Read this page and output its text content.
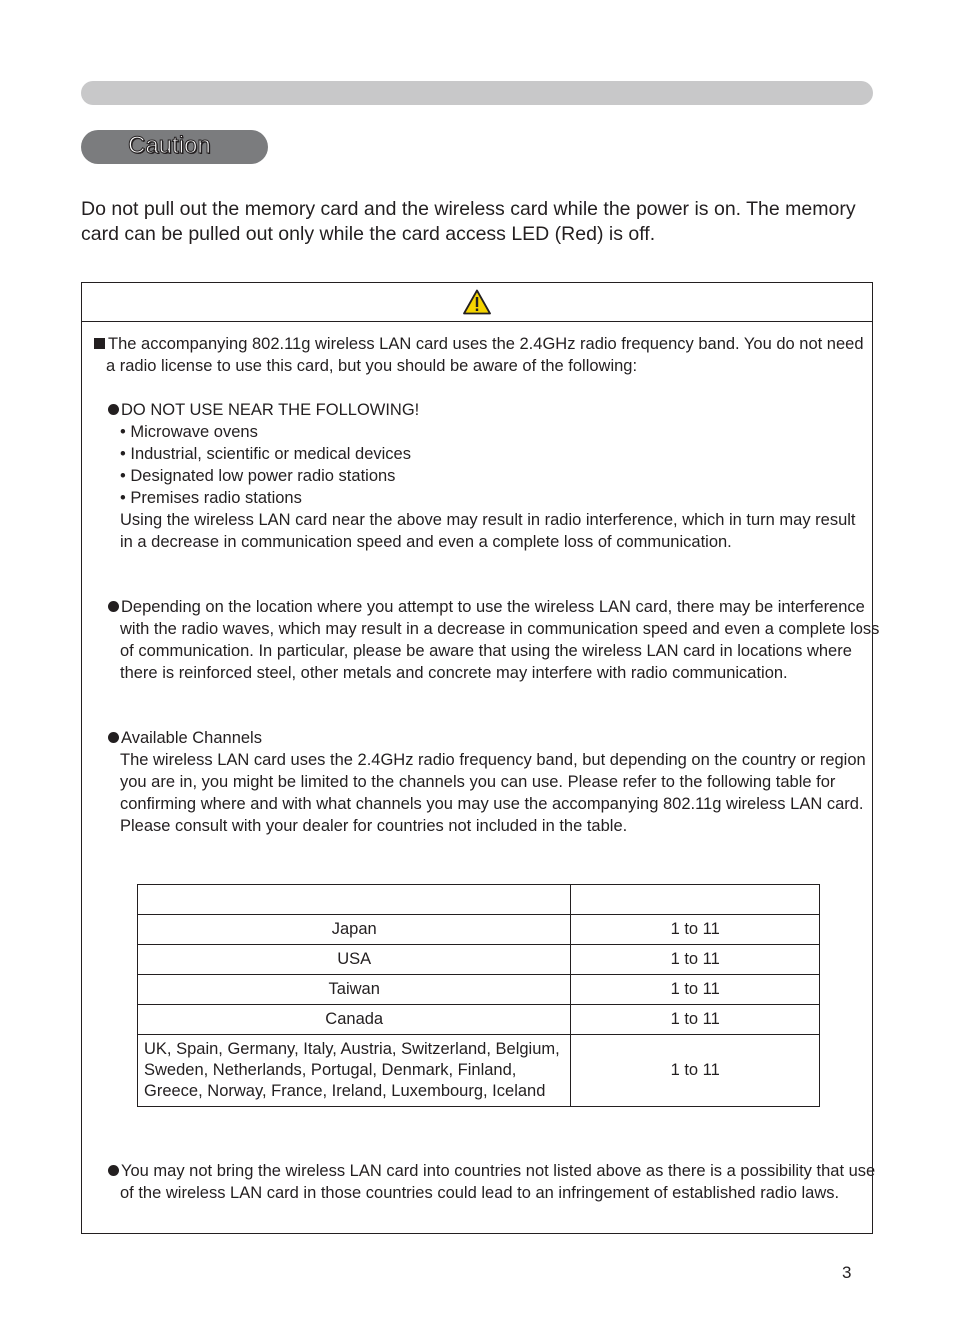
Caution

Do not pull out the memory card and the wireless card while the power is on. The memory card can be pulled out only while the card access LED (Red) is off.

The accompanying 802.11g wireless LAN card uses the 2.4GHz radio frequency band. You do not need a radio license to use this card, but you should be aware of the following:

DO NOT USE NEAR THE FOLLOWING!
• Microwave ovens
• Industrial, scientific or medical devices
• Designated low power radio stations
• Premises radio stations
Using the wireless LAN card near the above may result in radio interference, which in turn may result in a decrease in communication speed and even a complete loss of communication.

Depending on the location where you attempt to use the wireless LAN card, there may be interference with the radio waves, which may result in a decrease in communication speed and even a complete loss of communication. In particular, please be aware that using the wireless LAN card in locations where there is reinforced steel, other metals and concrete may interfere with radio communication.

Available Channels
The wireless LAN card uses the 2.4GHz radio frequency band, but depending on the country or region you are in, you might be limited to the channels you can use. Please refer to the following table for confirming where and with what channels you may use the accompanying 802.11g wireless LAN card. Please consult with your dealer for countries not included in the table.

Japan	1 to 11
USA	1 to 11
Taiwan	1 to 11
Canada	1 to 11
UK, Spain, Germany, Italy, Austria, Switzerland, Belgium, Sweden, Netherlands, Portugal, Denmark, Finland, Greece, Norway, France, Ireland, Luxembourg, Iceland	1 to 11

You may not bring the wireless LAN card into countries not listed above as there is a possibility that use of the wireless LAN card in those countries could lead to an infringement of established radio laws.

3
